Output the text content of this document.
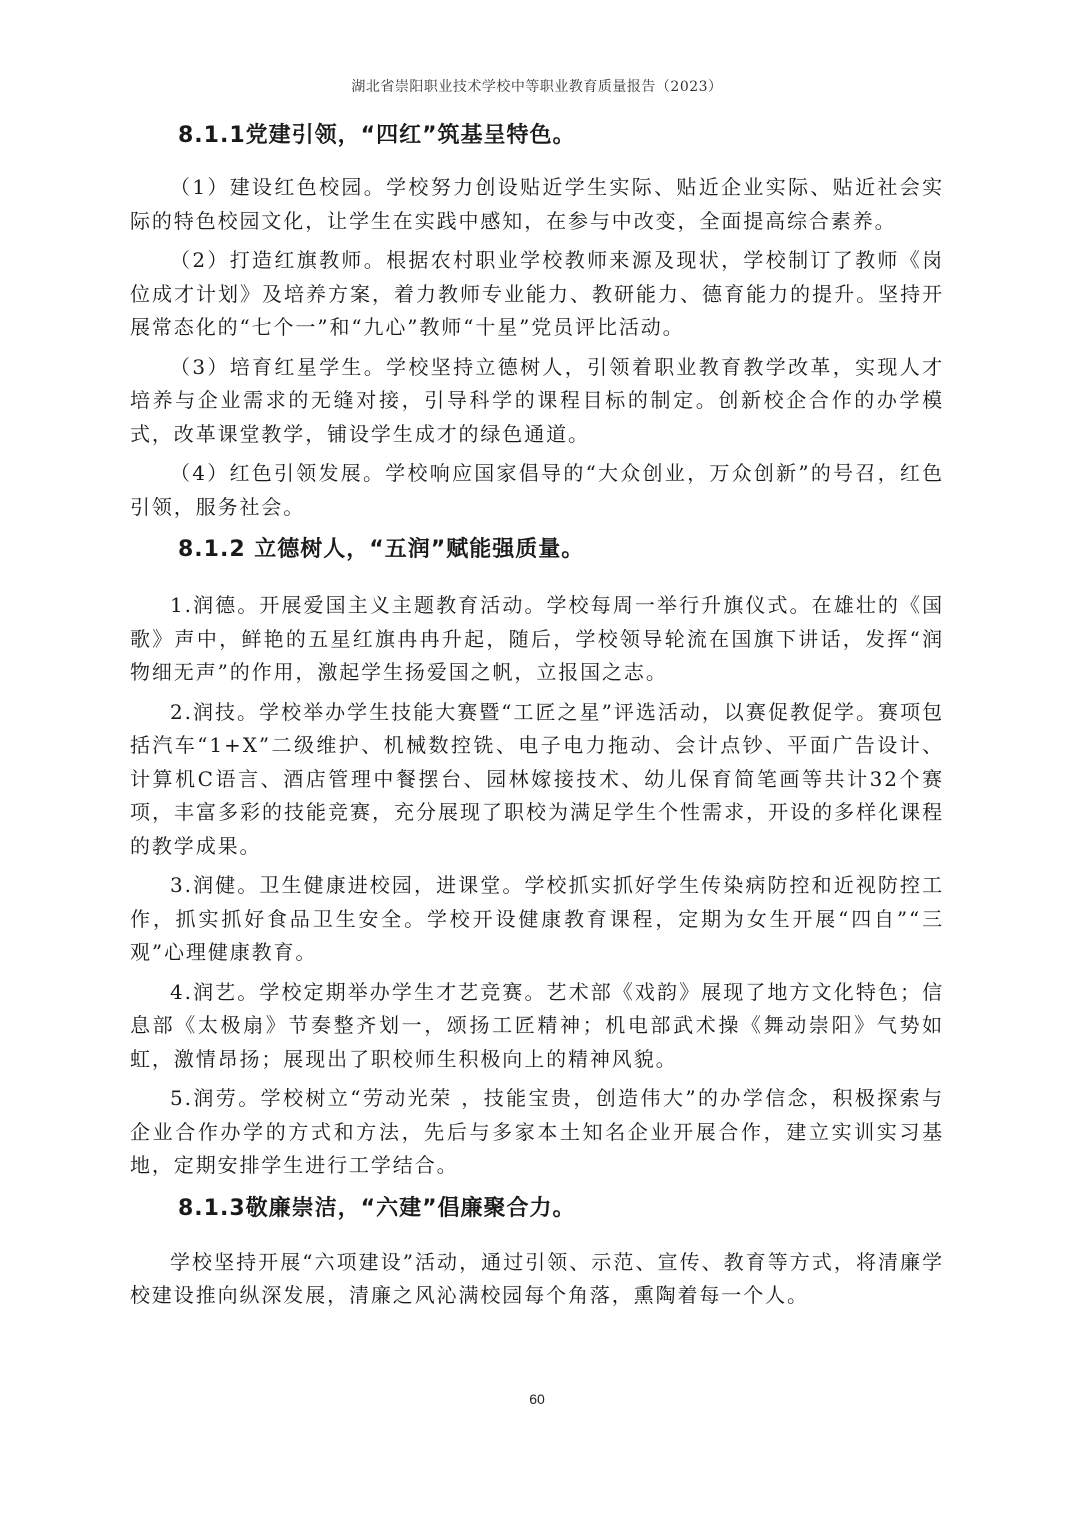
湖北省崇阳职业技术学校中等职业教育质量报告（2023）
8.1.1党建引领，“四红”筑基呈特色。

（1）建设红色校园。学校努力创设贴近学生实际、贴近企业实际、贴近社会实际的特色校园文化，让学生在实践中感知，在参与中改变，全面提高综合素养。

（2）打造红旗教师。根据农村职业学校教师来源及现状，学校制订了教师《岗位成才计划》及培养方案，着力教师专业能力、教研能力、德育能力的提升。坚持开展常态化的“七个一”和“九心”教师“十星”党员评比活动。

（3）培育红星学生。学校坚持立德树人，引领着职业教育教学改革，实现人才培养与企业需求的无缝对接，引导科学的课程目标的制定。创新校企合作的办学模式，改革课堂教学，铺设学生成才的绿色通道。

（4）红色引领发展。学校响应国家倡导的“大众创业，万众创新”的号召，红色引领，服务社会。

8.1.2 立德树人，“五润”赋能强质量。

1.润德。开展爱国主义主题教育活动。学校每周一举行升旗仪式。在雄壮的《国歌》声中，鲜艳的五星红旗冉冉升起，随后，学校领导轮流在国旗下讲话，发挥“润物细无声”的作用，激起学生扬爱国之帆，立报国之志。

2.润技。学校举办学生技能大赛暨“工匠之星”评选活动，以赛促教促学。赛项包括汽车“1+X”二级维护、机械数控铣、电子电力拖动、会计点钞、平面广告设计、计算机C语言、酒店管理中餐摆台、园林嫁接技术、幼儿保育简笔画等共计32个赛项，丰富多彩的技能竞赛，充分展现了职校为满足学生个性需求，开设的多样化课程的教学成果。

3.润健。卫生健康进校园，进课堂。学校抓实抓好学生传染病防控和近视防控工作，抓实抓好食品卫生安全。学校开设健康教育课程，定期为女生开展“四自”“三观”心理健康教育。

4.润艺。学校定期举办学生才艺竞赛。艺术部《戏韵》展现了地方文化特色；信息部《太极扇》节奏整齐划一，颂扬工匠精神；机电部武术操《舞动崇阳》气势如虹，激情昂扬；展现出了职校师生积极向上的精神风貌。

5.润劳。学校树立“劳动光荣 ，技能宝贵，创造伟大”的办学信念，积极探索与企业合作办学的方式和方法，先后与多家本土知名企业开展合作，建立实训实习基地，定期安排学生进行工学结合。

8.1.3敬廉崇洁，“六建”倡廉聚合力。

学校坚持开展“六项建设”活动，通过引领、示范、宣传、教育等方式，将清廉学校建设推向纵深发展，清廉之风沁满校园每个角落，熏陶着每一个人。

60
